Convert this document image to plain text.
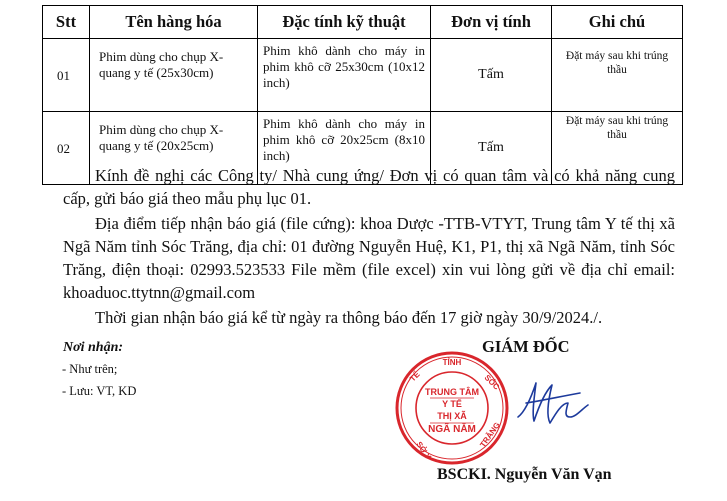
Stt	Tên hàng hóa	Đặc tính kỹ thuật	Đơn vị tính	Ghi chú
01	Phim dùng cho chụp X-quang y tế (25x30cm)	Phim khô dành cho máy in phim khô cỡ 25x30cm (10x12 inch)	Tấm	Đặt máy sau khi trúng thầu
02	Phim dùng cho chụp X-quang y tế (20x25cm)	Phim khô dành cho máy in phim khô cỡ 20x25cm (8x10 inch)	Tấm	Đặt máy sau khi trúng thầu

Kính đề nghị các Công ty/ Nhà cung ứng/ Đơn vị có quan tâm và có khả năng cung cấp, gửi báo giá theo mẫu phụ lục 01.

Địa điểm tiếp nhận báo giá (file cứng): khoa Dược -TTB-VTYT, Trung tâm Y tế thị xã Ngã Năm tỉnh Sóc Trăng, địa chỉ: 01 đường Nguyễn Huệ, K1, P1, thị xã Ngã Năm, tỉnh Sóc Trăng, điện thoại: 02993.523533 File mềm (file excel) xin vui lòng gửi về địa chỉ email: khoaduoc.ttytnn@gmail.com

Thời gian nhận báo giá kể từ ngày ra thông báo đến 17 giờ ngày 30/9/2024./.

Nơi nhận:
- Như trên;
- Lưu: VT, KD
GIÁM ĐỐC
TỈNH
TẾ	SÓC
SỞ Y
TRĂNG
TRUNG TÂM
Y TẾ
THỊ XÃ
NGÃ NĂM
BSCKI. Nguyễn Văn Vạn
